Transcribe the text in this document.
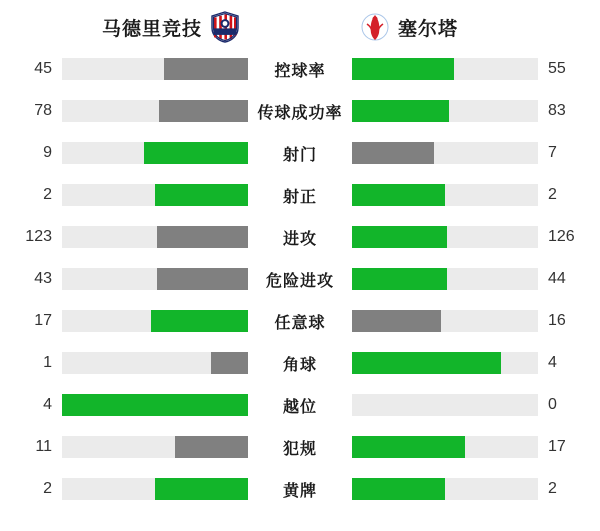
马德里竞技	塞尔塔
45	控球率	55
78	传球成功率	83
9	射门	7
2	射正	2
123	进攻	126
43	危险进攻	44
17	任意球	16
1	角球	4
4	越位	0
11	犯规	17
2	黄牌	2
